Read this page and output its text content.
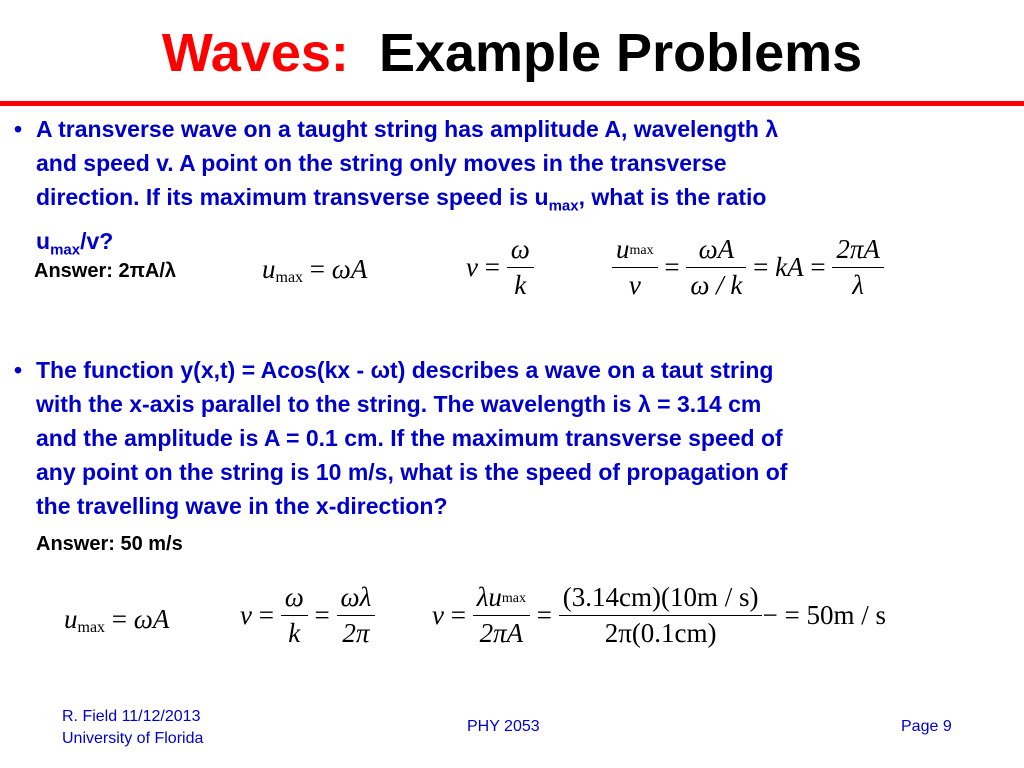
Waves: Example Problems
• A transverse wave on a taught string has amplitude A, wavelength λ
and speed v. A point on the string only moves in the transverse
direction. If its maximum transverse speed is $u_{max}$, what is the ratio
$u_{max}/v$?
Answer: 2πA/λ	umax = ωA	$v = \frac{\omega}{k}$	$\frac{umax}{v} = \frac{\omega A}{\omega / k}$ = kA = $\frac{2\pi A}{\lambda}$
• The function y(x,t) = Acos(kx - ωt) describes a wave on a taut string
with the x-axis parallel to the string. The wavelength is λ = 3.14 cm
and the amplitude is A = 0.1 cm. If the maximum transverse speed of
any point on the string is 10 m/s, what is the speed of propagation of
the travelling wave in the x-direction?
Answer: 50 m/s
umax = ωA	$v = \frac{\omega}{k} = \frac{\omega\lambda}{2\pi}$ $v = \frac{\lambda umax}{2\pi A} = \frac{(3.14cm)(10m / s)}{2\pi(0.1cm)}$ − = 50m / s
R. Field 11/12/2013
University of Florida
PHY 2053	Page 9
